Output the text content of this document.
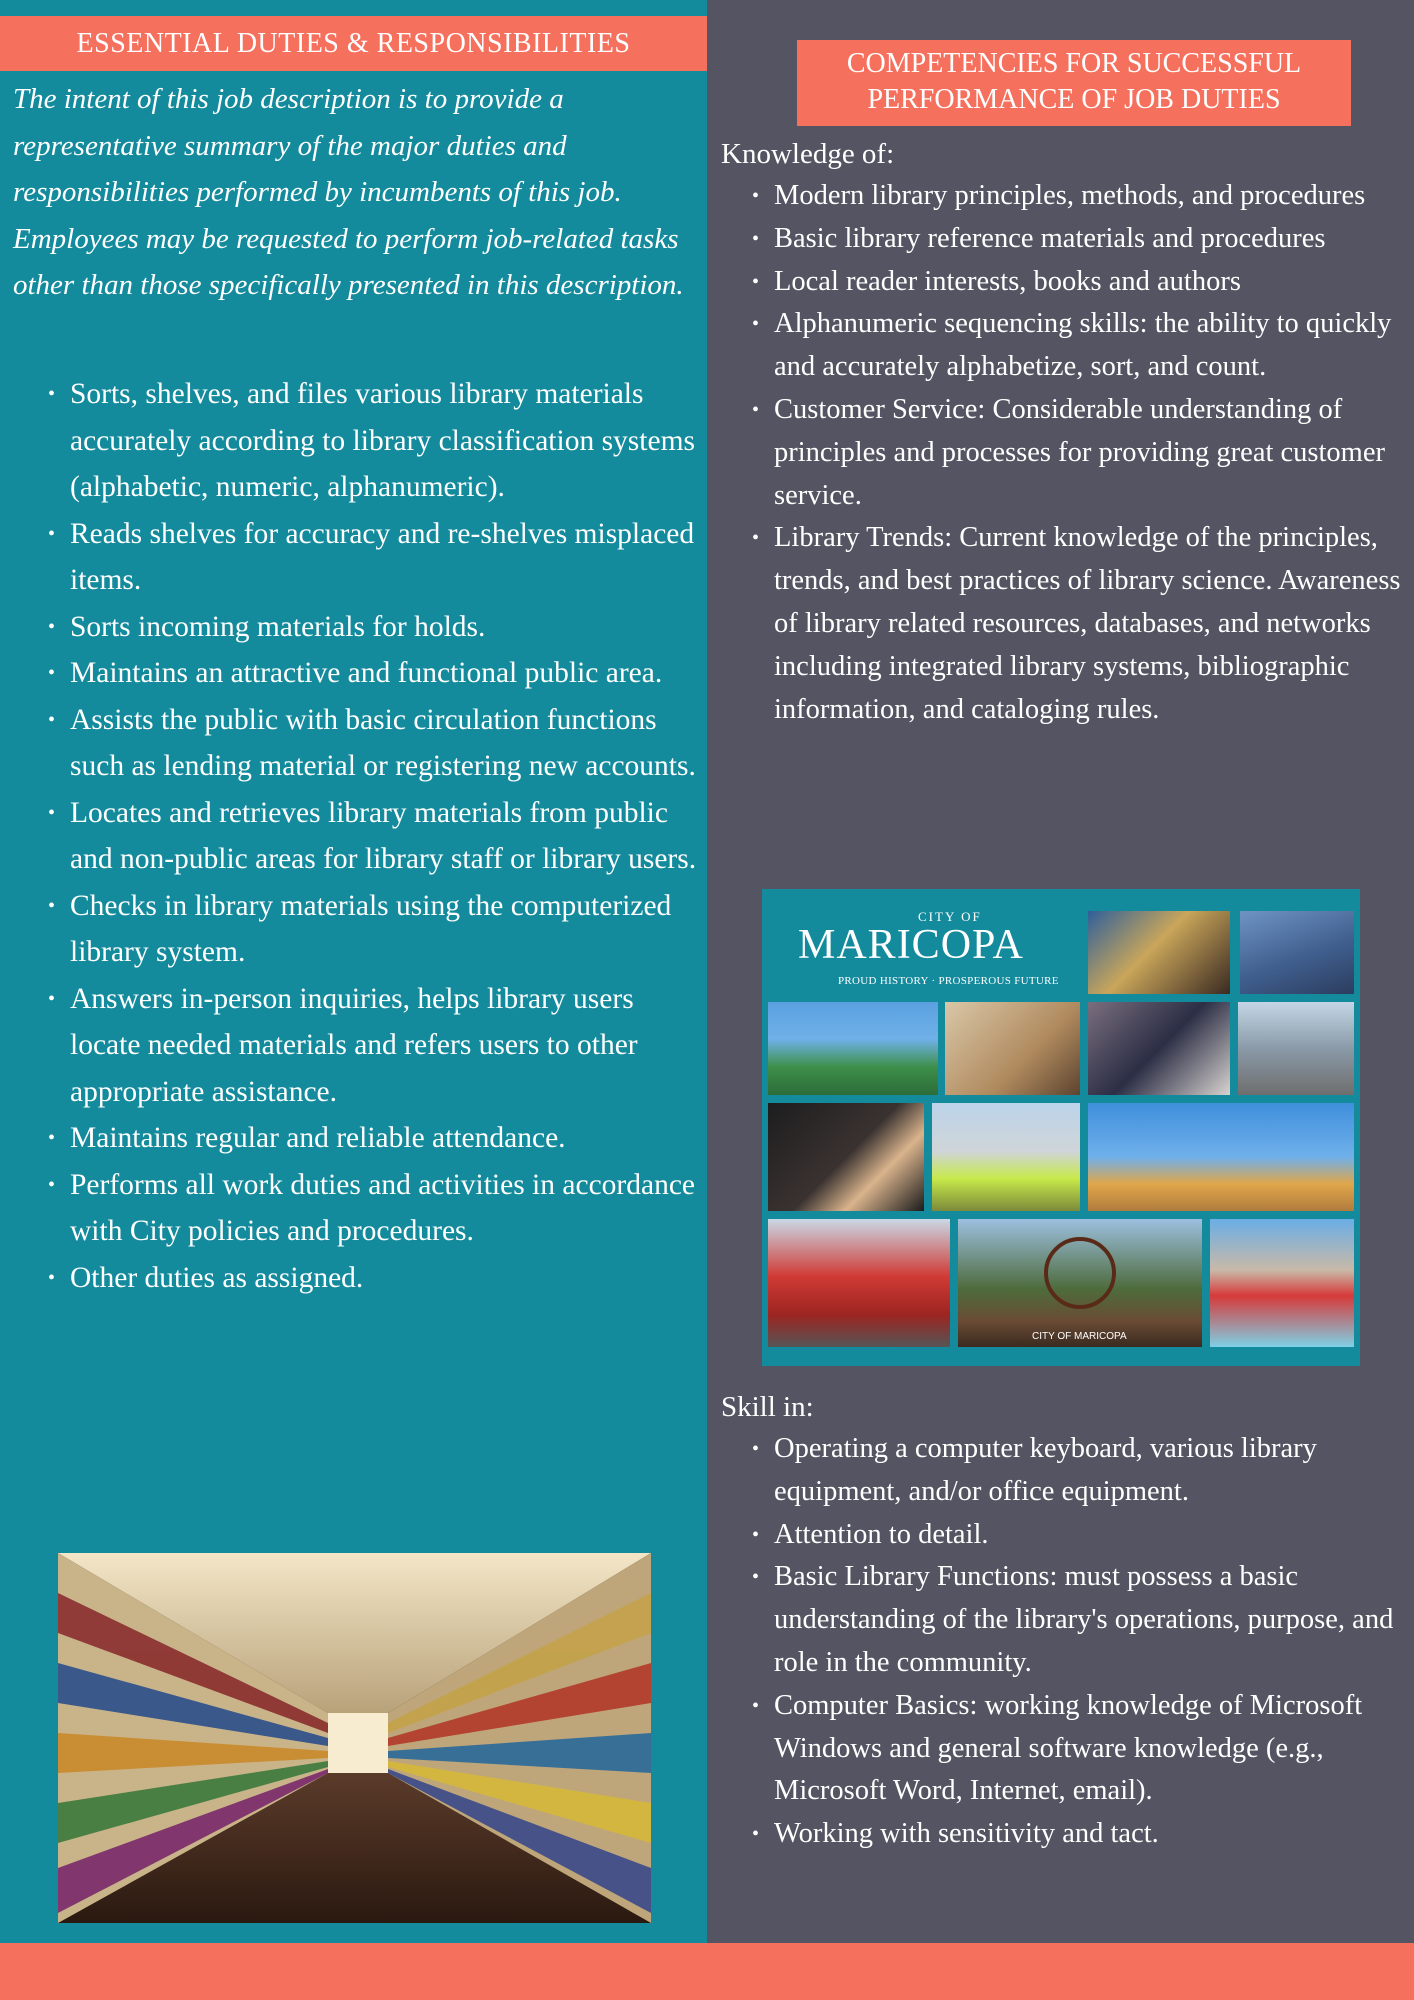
ESSENTIAL DUTIES & RESPONSIBILITIES
The intent of this job description is to provide a representative summary of the major duties and responsibilities performed by incumbents of this job. Employees may be requested to perform job-related tasks other than those specifically presented in this description.
• Sorts, shelves, and files various library materials accurately according to library classification systems (alphabetic, numeric, alphanumeric).
• Reads shelves for accuracy and re-shelves misplaced items.
• Sorts incoming materials for holds.
• Maintains an attractive and functional public area.
• Assists the public with basic circulation functions such as lending material or registering new accounts.
• Locates and retrieves library materials from public and non-public areas for library staff or library users.
• Checks in library materials using the computerized library system.
• Answers in-person inquiries, helps library users locate needed materials and refers users to other appropriate assistance.
• Maintains regular and reliable attendance.
• Performs all work duties and activities in accordance with City policies and procedures.
• Other duties as assigned.
COMPETENCIES FOR SUCCESSFUL PERFORMANCE OF JOB DUTIES
Knowledge of:
• Modern library principles, methods, and procedures
• Basic library reference materials and procedures
• Local reader interests, books and authors
• Alphanumeric sequencing skills: the ability to quickly and accurately alphabetize, sort, and count.
• Customer Service: Considerable understanding of principles and processes for providing great customer service.
• Library Trends: Current knowledge of the principles, trends, and best practices of library science. Awareness of library related resources, databases, and networks including integrated library systems, bibliographic information, and cataloging rules.
CITY OF
MARICOPA
PROUD HISTORY · PROSPEROUS FUTURE
CITY OF MARICOPA
Skill in:
• Operating a computer keyboard, various library equipment, and/or office equipment.
• Attention to detail.
• Basic Library Functions: must possess a basic understanding of the library's operations, purpose, and role in the community.
• Computer Basics: working knowledge of Microsoft Windows and general software knowledge (e.g., Microsoft Word, Internet, email).
• Working with sensitivity and tact.
